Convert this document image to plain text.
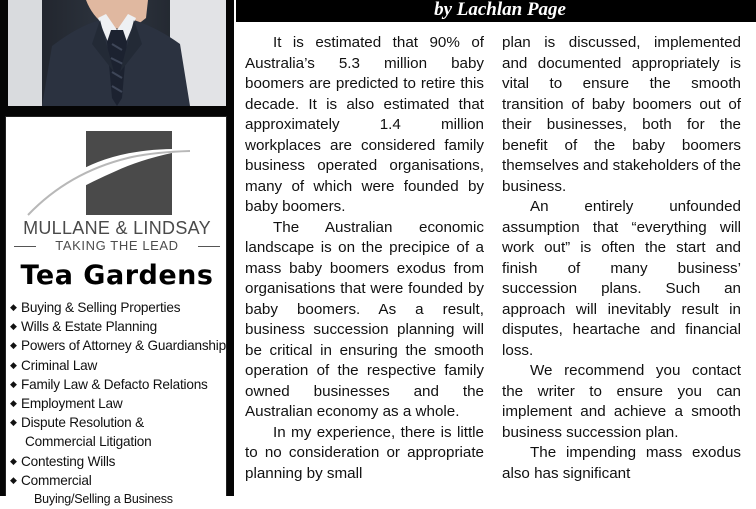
MULLANE & LINDSAY
TAKING THE LEAD
Tea Gardens
◆ Buying & Selling Properties
◆ Wills & Estate Planning
◆ Powers of Attorney & Guardianship
◆ Criminal Law
◆ Family Law & Defacto Relations
◆ Employment Law
◆ Dispute Resolution &
Commercial Litigation
◆ Contesting Wills
◆ Commercial
Buying/Selling a Business
by Lachlan Page

It is estimated that 90% of Australia’s 5.3 million baby boomers are predicted to retire this decade. It is also estimated that approximately 1.4 million workplaces are considered family business operated organisations, many of which were founded by baby boomers.

The Australian economic landscape is on the precipice of a mass baby boomers exodus from organisations that were founded by baby boomers. As a result, business succession planning will be critical in ensuring the smooth operation of the respective family owned businesses and the Australian economy as a whole.

In my experience, there is little to no consideration or appropriate planning by small

plan is discussed, implemented and documented appropriately is vital to ensure the smooth transition of baby boomers out of their businesses, both for the benefit of the baby boomers themselves and stakeholders of the business.

An entirely unfounded assumption that “everything will work out” is often the start and finish of many business’ succession plans. Such an approach will inevitably result in disputes, heartache and financial loss.

We recommend you contact the writer to ensure you can implement and achieve a smooth business succession plan.

The impending mass exodus also has significant
